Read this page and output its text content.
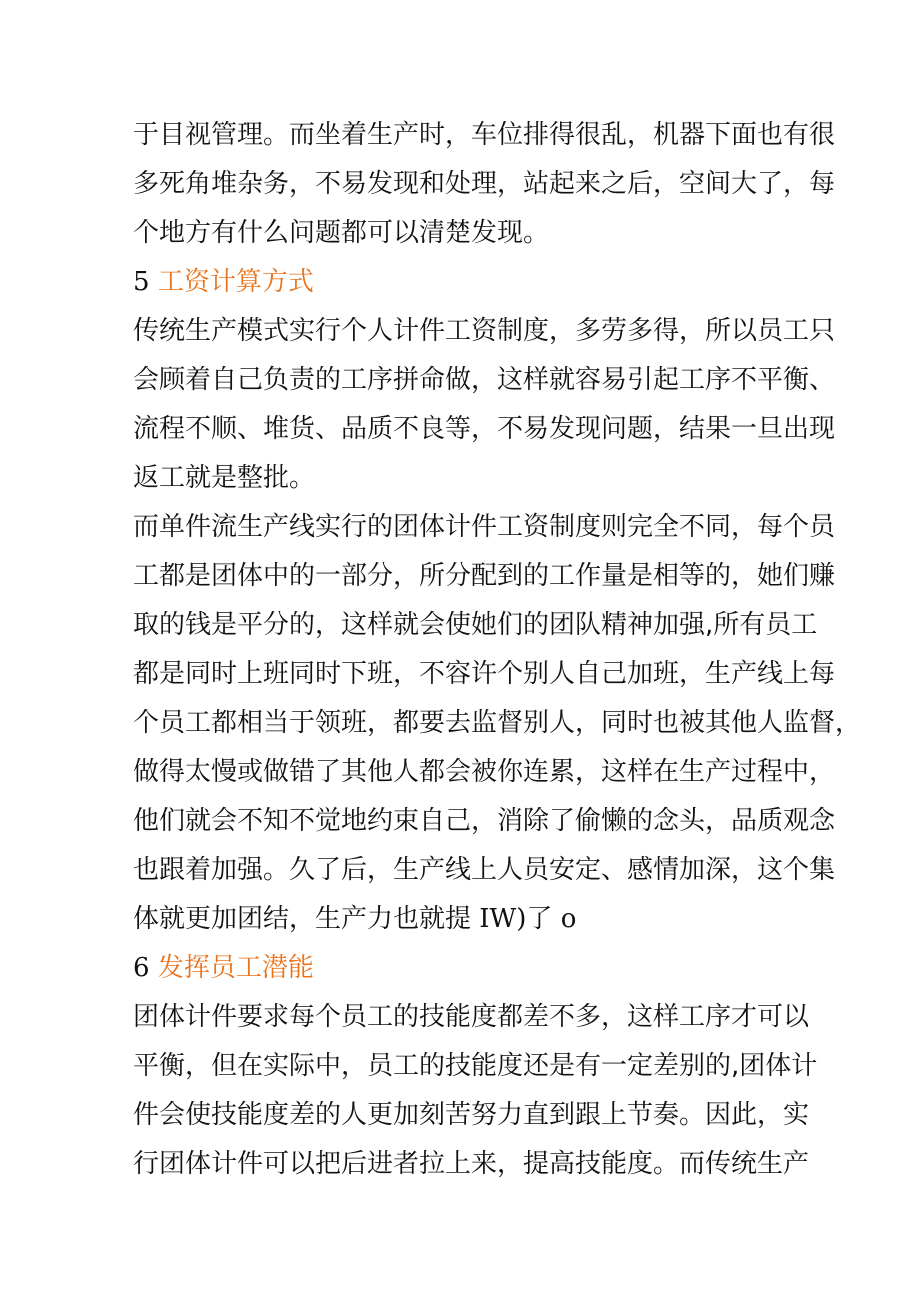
于目视管理。而坐着生产时，车位排得很乱，机器下面也有很
多死角堆杂务，不易发现和处理，站起来之后，空间大了，每
个地方有什么问题都可以清楚发现。
5 工资计算方式
传统生产模式实行个人计件工资制度，多劳多得，所以员工只
会顾着自己负责的工序拼命做，这样就容易引起工序不平衡、
流程不顺、堆货、品质不良等，不易发现问题，结果一旦出现
返工就是整批。
而单件流生产线实行的团体计件工资制度则完全不同，每个员
工都是团体中的一部分，所分配到的工作量是相等的，她们赚
取的钱是平分的，这样就会使她们的团队精神加强,所有员工
都是同时上班同时下班，不容许个别人自己加班，生产线上每
个员工都相当于领班，都要去监督别人，同时也被其他人监督，
做得太慢或做错了其他人都会被你连累，这样在生产过程中，
他们就会不知不觉地约束自己，消除了偷懒的念头，品质观念
也跟着加强。久了后，生产线上人员安定、感情加深，这个集
体就更加团结，生产力也就提 IW)了 o
6 发挥员工潜能
团体计件要求每个员工的技能度都差不多，这样工序才可以
平衡，但在实际中，员工的技能度还是有一定差别的,团体计
件会使技能度差的人更加刻苦努力直到跟上节奏。因此，实
行团体计件可以把后进者拉上来，提高技能度。而传统生产
